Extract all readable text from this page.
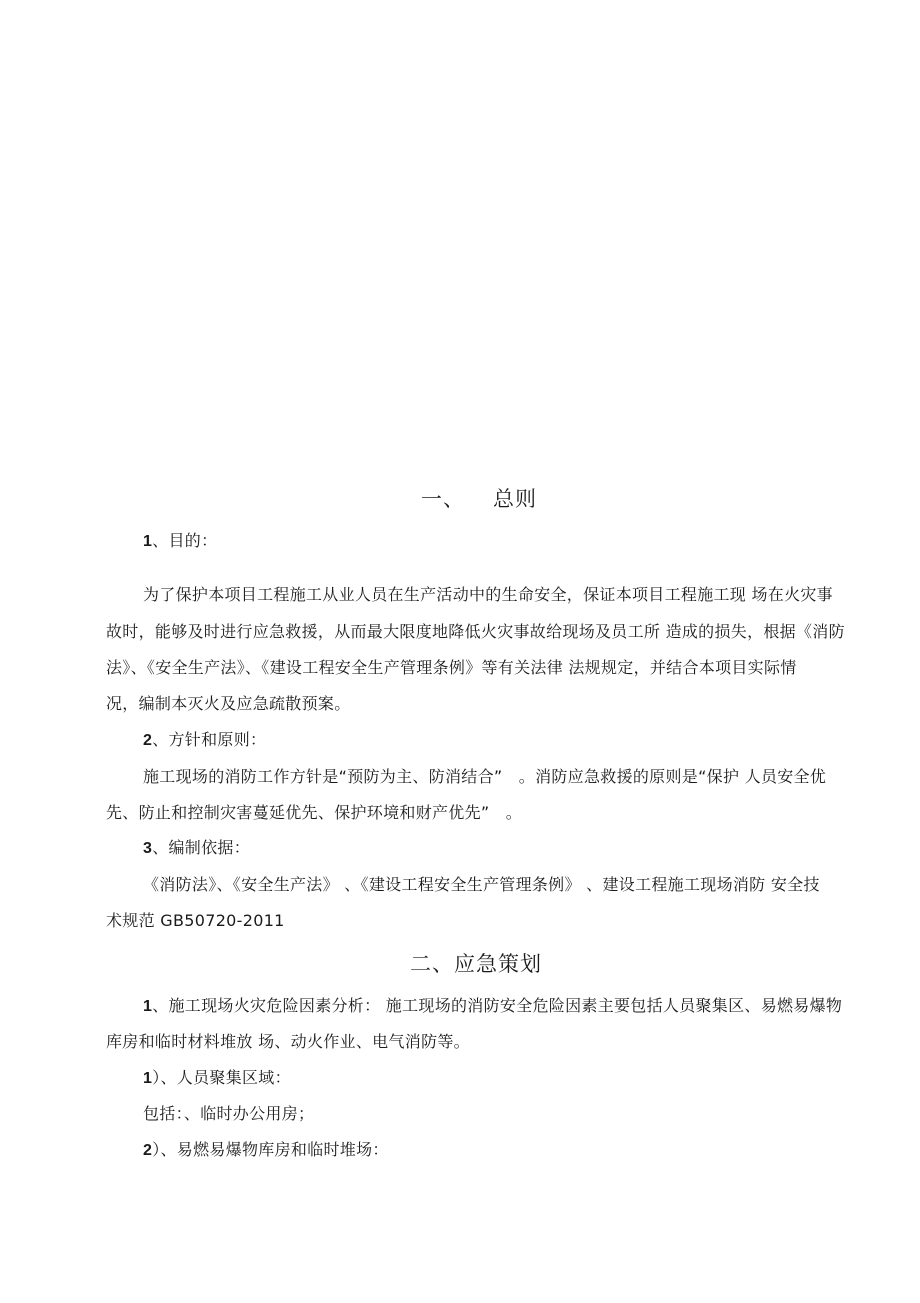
一、 总则
1、目的：
为了保护本项目工程施工从业人员在生产活动中的生命安全，保证本项目工程施工现 场在火灾事
故时，能够及时进行应急救援，从而最大限度地降低火灾事故给现场及员工所 造成的损失，根据《消防
法》、《安全生产法》、《建设工程安全生产管理条例》等有关法律 法规规定，并结合本项目实际情
况，编制本灭火及应急疏散预案。
2、方针和原则：
施工现场的消防工作方针是“预防为主、防消结合”　。消防应急救援的原则是“保护 人员安全优
先、防止和控制灾害蔓延优先、保护环境和财产优先”　。
3、编制依据：
《消防法》、《安全生产法》 、《建设工程安全生产管理条例》 、建设工程施工现场消防 安全技
术规范 GB50720-2011
二、应急策划
1、施工现场火灾危险因素分析： 施工现场的消防安全危险因素主要包括人员聚集区、易燃易爆物
库房和临时材料堆放 场、动火作业、电气消防等。
1）、人员聚集区域：
包括：、临时办公用房；
2）、易燃易爆物库房和临时堆场：
